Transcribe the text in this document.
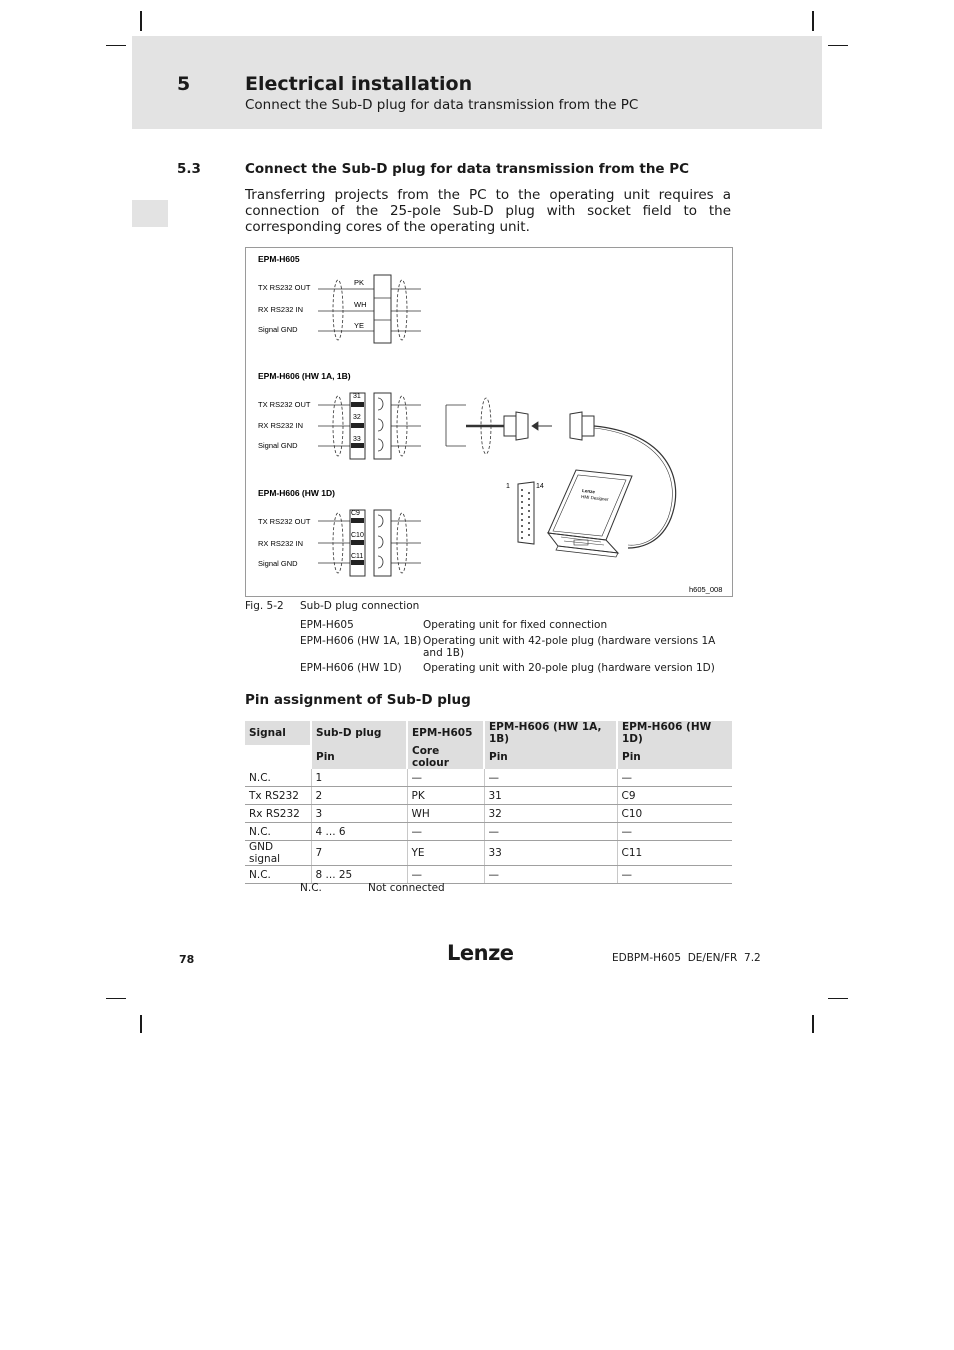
5	Electrical installation
Connect the Sub-D plug for data transmission from the PC
5.3	Connect the Sub-D plug for data transmission from the PC
Transferring projects from the PC to the operating unit requires a connection of the 25-pole Sub-D plug with socket field to the corresponding cores of the operating unit.
EPM-H605
TX RS232 OUT
RX RS232 IN
Signal GND
PK
WH
YE
EPM-H606 (HW 1A, 1B)
TX RS232 OUT
RX RS232 IN
Signal GND
31
32
33
EPM-H606 (HW 1D)
TX RS232 OUT
RX RS232 IN
Signal GND
C9
C10
C11
1	14
Lenze
HMI Designer
h605_008
Fig. 5-2 Sub-D plug connection
EPM-H605	Operating unit for fixed connection
EPM-H606 (HW 1A, 1B) Operating unit with 42-pole plug (hardware versions 1A and 1B)
EPM-H606 (HW 1D) Operating unit with 20-pole plug (hardware version 1D)
Pin assignment of Sub-D plug
Signal	Sub-D plug	EPM-H605	EPM-H606 (HW 1A, 1B)	EPM-H606 (HW 1D)
	Pin	Core colour	Pin	Pin
N.C.	1	—	—	—
Tx RS232	2	PK	31	C9
Rx RS232	3	WH	32	C10
N.C.	4 ... 6	—	—	—
GND signal	7	YE	33	C11
N.C.	8 ... 25	—	—	—
N.C.	Not connected
78	Lenze	EDBPM-H605  DE/EN/FR  7.2
